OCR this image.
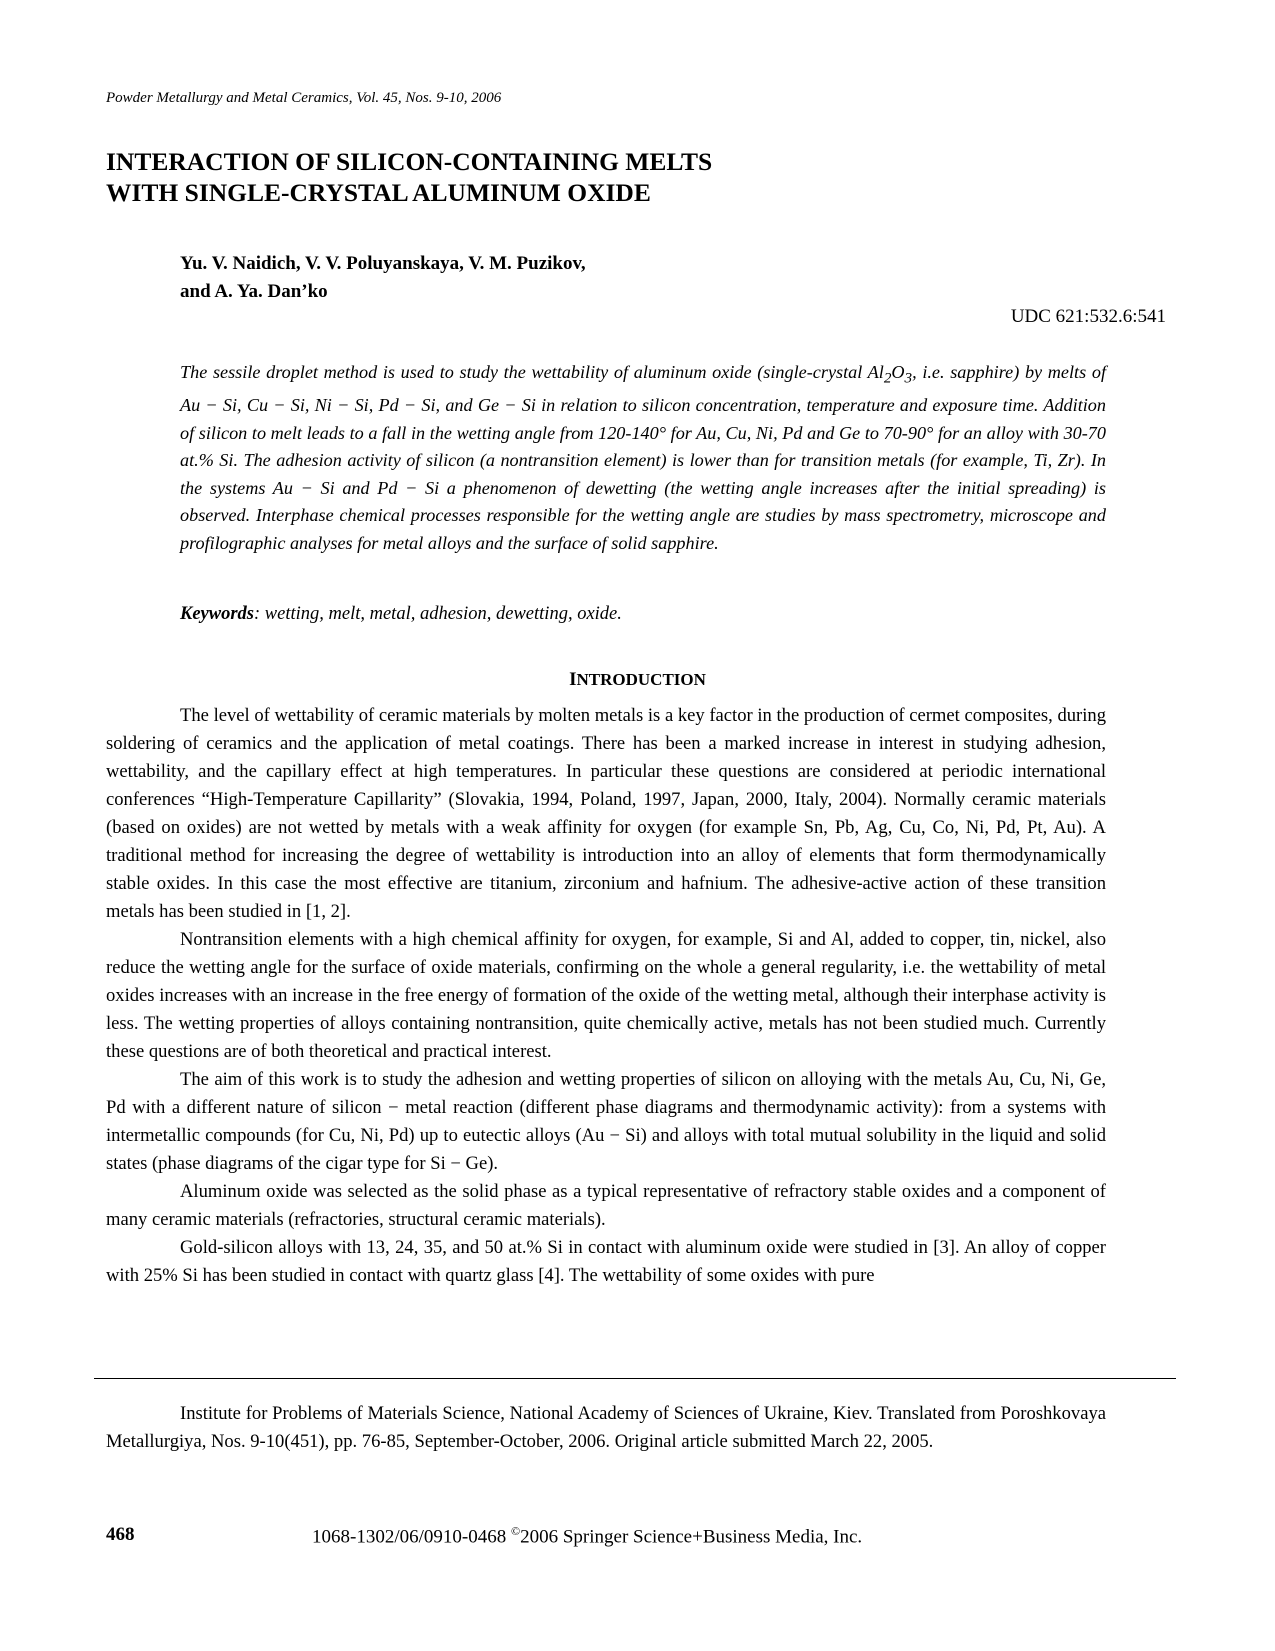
Powder Metallurgy and Metal Ceramics, Vol. 45, Nos. 9-10, 2006
INTERACTION OF SILICON-CONTAINING MELTS
WITH SINGLE-CRYSTAL ALUMINUM OXIDE
Yu. V. Naidich, V. V. Poluyanskaya, V. M. Puzikov,
and A. Ya. Dan’ko
UDC 621:532.6:541

The sessile droplet method is used to study the wettability of aluminum oxide (single-crystal $Al_2O_3$, i.e. sapphire) by melts of Au − Si, Cu − Si, Ni − Si, Pd − Si, and Ge − Si in relation to silicon concentration, temperature and exposure time. Addition of silicon to melt leads to a fall in the wetting angle from 120-140° for Au, Cu, Ni, Pd and Ge to 70-90° for an alloy with 30-70 at.% Si. The adhesion activity of silicon (a nontransition element) is lower than for transition metals (for example, Ti, Zr). In the systems Au − Si and Pd − Si a phenomenon of dewetting (the wetting angle increases after the initial spreading) is observed. Interphase chemical processes responsible for the wetting angle are studies by mass spectrometry, microscope and profilographic analyses for metal alloys and the surface of solid sapphire.

Keywords: wetting, melt, metal, adhesion, dewetting, oxide.
INTRODUCTION

The level of wettability of ceramic materials by molten metals is a key factor in the production of cermet composites, during soldering of ceramics and the application of metal coatings. There has been a marked increase in interest in studying adhesion, wettability, and the capillary effect at high temperatures. In particular these questions are considered at periodic international conferences “High-Temperature Capillarity” (Slovakia, 1994, Poland, 1997, Japan, 2000, Italy, 2004). Normally ceramic materials (based on oxides) are not wetted by metals with a weak affinity for oxygen (for example Sn, Pb, Ag, Cu, Co, Ni, Pd, Pt, Au). A traditional method for increasing the degree of wettability is introduction into an alloy of elements that form thermodynamically stable oxides. In this case the most effective are titanium, zirconium and hafnium. The adhesive-active action of these transition metals has been studied in [1, 2].

Nontransition elements with a high chemical affinity for oxygen, for example, Si and Al, added to copper, tin, nickel, also reduce the wetting angle for the surface of oxide materials, confirming on the whole a general regularity, i.e. the wettability of metal oxides increases with an increase in the free energy of formation of the oxide of the wetting metal, although their interphase activity is less. The wetting properties of alloys containing nontransition, quite chemically active, metals has not been studied much. Currently these questions are of both theoretical and practical interest.

The aim of this work is to study the adhesion and wetting properties of silicon on alloying with the metals Au, Cu, Ni, Ge, Pd with a different nature of silicon − metal reaction (different phase diagrams and thermodynamic activity): from a systems with intermetallic compounds (for Cu, Ni, Pd) up to eutectic alloys (Au − Si) and alloys with total mutual solubility in the liquid and solid states (phase diagrams of the cigar type for Si − Ge).

Aluminum oxide was selected as the solid phase as a typical representative of refractory stable oxides and a component of many ceramic materials (refractories, structural ceramic materials).

Gold-silicon alloys with 13, 24, 35, and 50 at.% Si in contact with aluminum oxide were studied in [3]. An alloy of copper with 25% Si has been studied in contact with quartz glass [4]. The wettability of some oxides with pure

Institute for Problems of Materials Science, National Academy of Sciences of Ukraine, Kiev. Translated from Poroshkovaya Metallurgiya, Nos. 9-10(451), pp. 76-85, September-October, 2006. Original article submitted March 22, 2005.

468	1068-1302/06/0910-0468 ©2006 Springer Science+Business Media, Inc.
